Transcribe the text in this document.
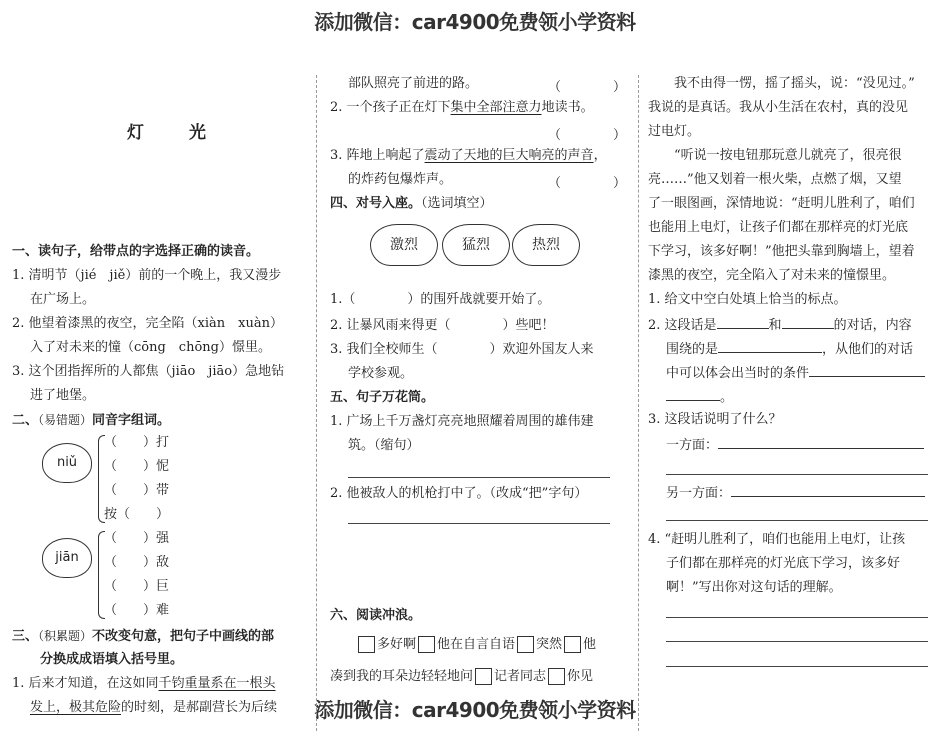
添加微信：car4900免费领小学资料
添加微信：car4900免费领小学资料
灯　光
一、读句子，给带点的字选择正确的读音。
1. 清明节（jié　jiě）前的一个晚上，我又漫步
在广场上。
2. 他望着漆黑的夜空，完全陷（xiàn　xuàn）
入了对未来的憧（cōng　chōng）憬里。
3. 这个团指挥所的人都焦（jiāo　jiāo）急地钻
进了地堡。
二、（易错题）同音字组词。
niǔ
（　　）打
（　　）怩
（　　）带
按（　　）
jiān
（　　）强
（　　）敌
（　　）巨
（　　）难
三、（积累题）不改变句意，把句子中画线的部
分换成成语填入括号里。
1. 后来才知道，在这如同千钧重量系在一根头
发上，极其危险的时刻，是郝副营长为后续
部队照亮了前进的路。	（　　　　）
2. 一个孩子正在灯下集中全部注意力地读书。
（　　　　）
3. 阵地上响起了震动了天地的巨大响亮的声音，
的炸药包爆炸声。	（　　　　）
四、对号入座。（选词填空）
激烈	猛烈	热烈
1.（　　　　）的围歼战就要开始了。
2. 让暴风雨来得更（　　　　）些吧！
3. 我们全校师生（　　　　）欢迎外国友人来
学校参观。
五、句子万花筒。
1. 广场上千万盏灯亮亮地照耀着周围的雄伟建
筑。（缩句）
2. 他被敌人的机枪打中了。（改成“把”字句）
六、阅读冲浪。
多好啊 他在自言自语 突然 他
凑到我的耳朵边轻轻地问 记者同志 你见
　　我不由得一愣，摇了摇头，说：“没见过。”
我说的是真话。我从小生活在农村，真的没见
过电灯。
　　“听说一按电钮那玩意儿就亮了，很亮很
亮……”他又划着一根火柴，点燃了烟，又望
了一眼图画，深情地说：“赶明儿胜利了，咱们
也能用上电灯，让孩子们都在那样亮的灯光底
下学习，该多好啊！”他把头靠到胸墙上，望着
漆黑的夜空，完全陷入了对未来的憧憬里。
1. 给文中空白处填上恰当的标点。
2. 这段话是	和	的对话，内容
围绕的是	，从他们的对话
中可以体会出当时的条件
。
3. 这段话说明了什么？
一方面：
另一方面：
4. “赶明儿胜利了，咱们也能用上电灯，让孩
子们都在那样亮的灯光底下学习，该多好
啊！”写出你对这句话的理解。
